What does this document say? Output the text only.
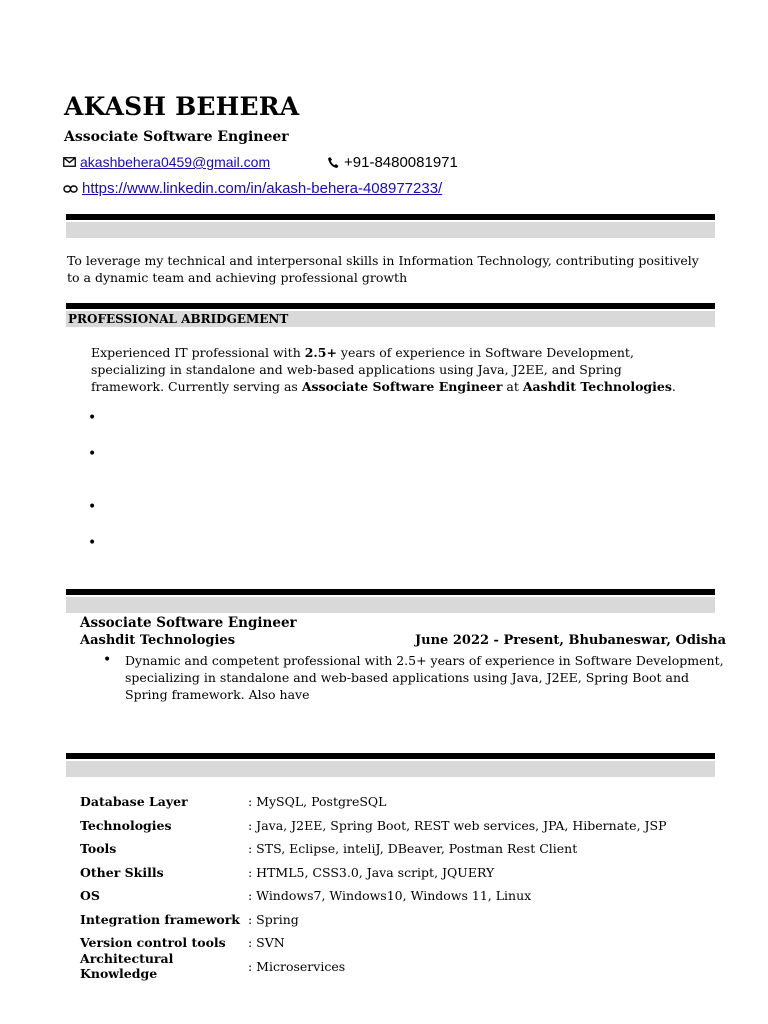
AKASH BEHERA
Associate Software Engineer
akashbehera0459@gmail.com	+91-8480081971
https://www.linkedin.com/in/akash-behera-408977233/
To leverage my technical and interpersonal skills in Information Technology, contributing positively to a dynamic team and achieving professional growth
PROFESSIONAL ABRIDGEMENT
Experienced IT professional with 2.5+ years of experience in Software Development, specializing in standalone and web-based applications using Java, J2EE, and Spring framework. Currently serving as Associate Software Engineer at Aashdit Technologies.
•
•
•
•
Associate Software Engineer
Aashdit Technologies	June 2022 - Present, Bhubaneswar, Odisha
• Dynamic and competent professional with 2.5+ years of experience in Software Development, specializing in standalone and web-based applications using Java, J2EE, Spring Boot and Spring framework. Also have
Database Layer	: MySQL, PostgreSQL
Technologies	: Java, J2EE, Spring Boot, REST web services, JPA, Hibernate, JSP
Tools	: STS, Eclipse, inteliJ, DBeaver, Postman Rest Client
Other Skills	: HTML5, CSS3.0, Java script, JQUERY
OS	: Windows7, Windows10, Windows 11, Linux
Integration framework : Spring
Version control tools	: SVN
Architectural Knowledge	: Microservices
